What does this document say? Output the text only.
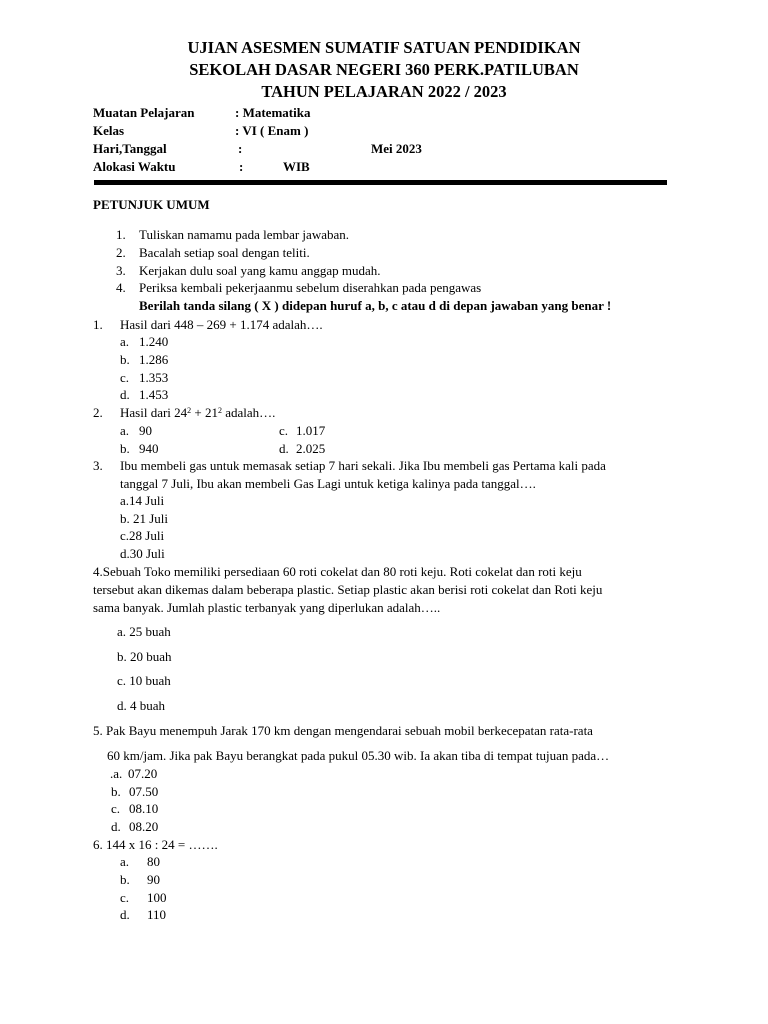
UJIAN ASESMEN SUMATIF SATUAN PENDIDIKAN
SEKOLAH DASAR NEGERI 360 PERK.PATILUBAN
TAHUN PELAJARAN 2022 / 2023
Muatan Pelajaran	: Matematika
Kelas	: VI ( Enam )
Hari,Tanggal	:	Mei 2023
Alokasi Waktu	:	WIB
PETUNJUK UMUM
1. Tuliskan namamu pada lembar jawaban.
2. Bacalah setiap soal dengan teliti.
3. Kerjakan dulu soal yang kamu anggap mudah.
4. Periksa kembali pekerjaanmu sebelum diserahkan pada pengawas
Berilah tanda silang ( X ) didepan huruf a, b, c atau d di depan jawaban yang benar !
1. Hasil dari 448 – 269 + 1.174 adalah….
a. 1.240
b. 1.286
c. 1.353
d. 1.453
2. Hasil dari $24^2 + 21^2$ adalah….
a. 90	c. 1.017
b. 940	d. 2.025
3. Ibu membeli gas untuk memasak setiap 7 hari sekali. Jika Ibu membeli gas Pertama kali pada
tanggal 7 Juli, Ibu akan membeli Gas Lagi untuk ketiga kalinya pada tanggal….
a.14 Juli
b. 21 Juli
c.28 Juli
d.30 Juli
4.Sebuah Toko memiliki persediaan 60 roti cokelat dan 80 roti keju. Roti cokelat dan roti keju
tersebut akan dikemas dalam beberapa plastic. Setiap plastic akan berisi roti cokelat dan Roti keju
sama banyak. Jumlah plastic terbanyak yang diperlukan adalah…..
a. 25 buah
b. 20 buah
c. 10 buah
d. 4 buah
5. Pak Bayu menempuh Jarak 170 km dengan mengendarai sebuah mobil berkecepatan rata-rata
60 km/jam. Jika pak Bayu berangkat pada pukul 05.30 wib. Ia akan tiba di tempat tujuan pada…
.a. 07.20
b. 07.50
c. 08.10
d. 08.20
6. 144 x 16 : 24 = …….
a. 80
b. 90
c. 100
d. 110
